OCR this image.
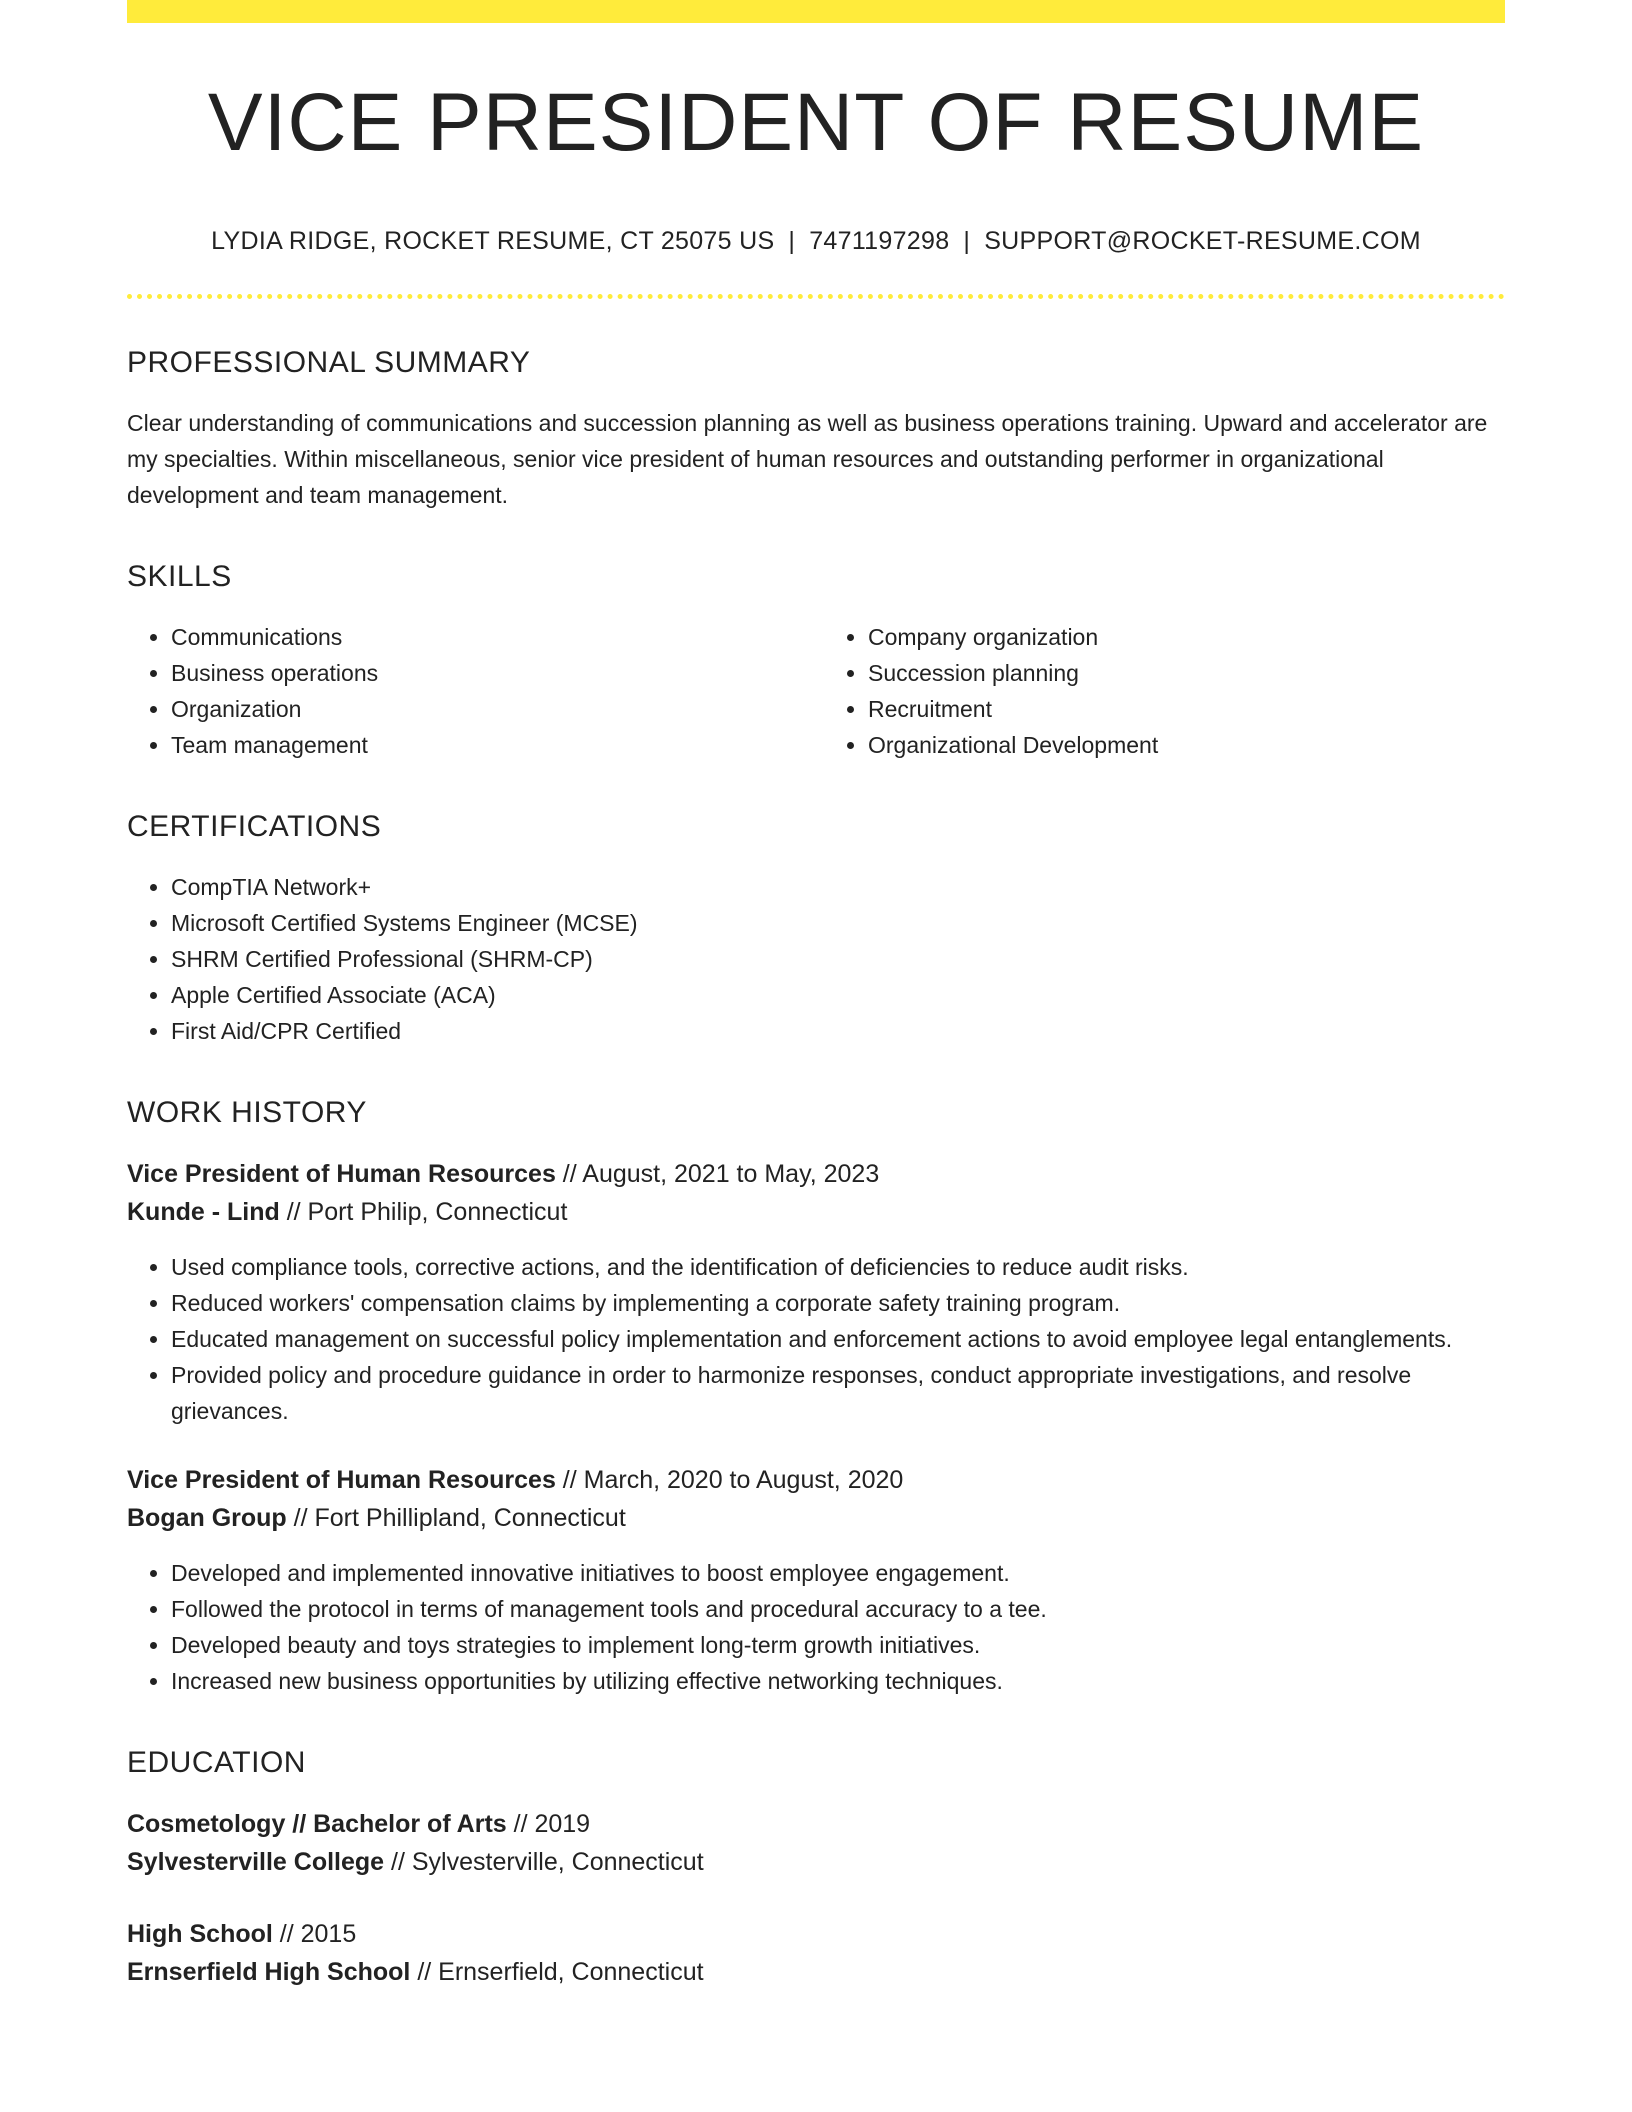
VICE PRESIDENT OF RESUME
LYDIA RIDGE, ROCKET RESUME, CT 25075 US | 7471197298 | SUPPORT@ROCKET-RESUME.COM
PROFESSIONAL SUMMARY

Clear understanding of communications and succession planning as well as business operations training. Upward and accelerator are my specialties. Within miscellaneous, senior vice president of human resources and outstanding performer in organizational development and team management.

SKILLS
• Communications
• Business operations
• Organization
• Team management
• Company organization
• Succession planning
• Recruitment
• Organizational Development
CERTIFICATIONS
• CompTIA Network+
• Microsoft Certified Systems Engineer (MCSE)
• SHRM Certified Professional (SHRM-CP)
• Apple Certified Associate (ACA)
• First Aid/CPR Certified
WORK HISTORY
Vice President of Human Resources // August, 2021 to May, 2023
Kunde - Lind // Port Philip, Connecticut
• Used compliance tools, corrective actions, and the identification of deficiencies to reduce audit risks.
• Reduced workers' compensation claims by implementing a corporate safety training program.
• Educated management on successful policy implementation and enforcement actions to avoid employee legal entanglements.
• Provided policy and procedure guidance in order to harmonize responses, conduct appropriate investigations, and resolve grievances.
Vice President of Human Resources // March, 2020 to August, 2020
Bogan Group // Fort Phillipland, Connecticut
• Developed and implemented innovative initiatives to boost employee engagement.
• Followed the protocol in terms of management tools and procedural accuracy to a tee.
• Developed beauty and toys strategies to implement long-term growth initiatives.
• Increased new business opportunities by utilizing effective networking techniques.
EDUCATION
Cosmetology // Bachelor of Arts // 2019
Sylvesterville College // Sylvesterville, Connecticut
High School // 2015
Ernserfield High School // Ernserfield, Connecticut
